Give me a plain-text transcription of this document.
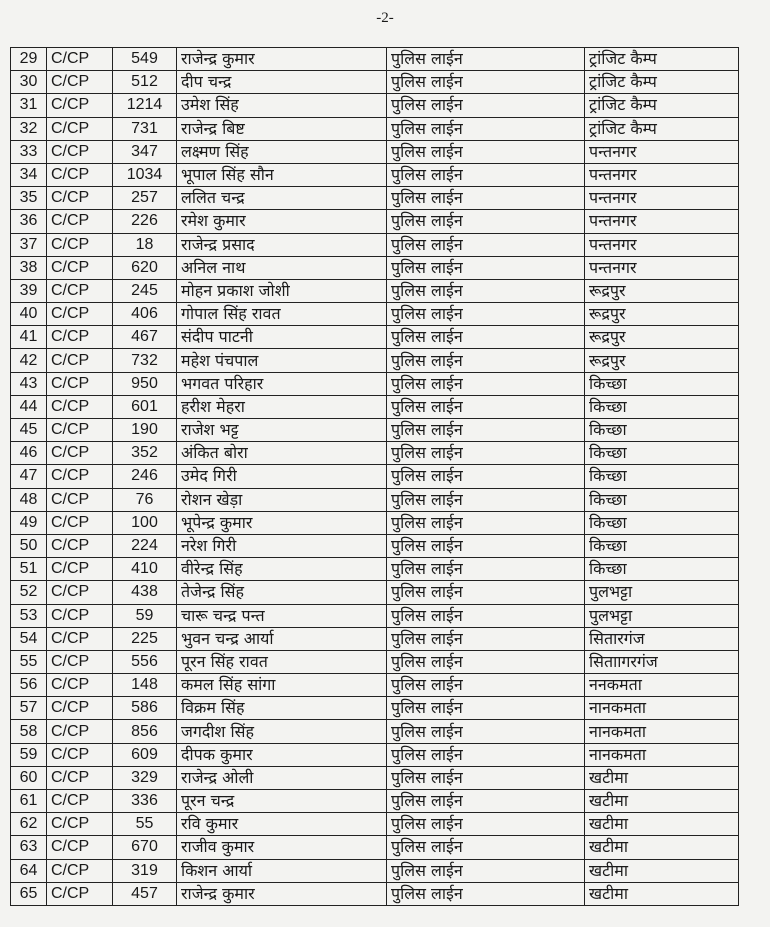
-2-
29	C/CP	549	राजेन्द्र कुमार	पुलिस लाईन	ट्रांजिट कैम्प
30	C/CP	512	दीप चन्द्र	पुलिस लाईन	ट्रांजिट कैम्प
31	C/CP	1214	उमेश सिंह	पुलिस लाईन	ट्रांजिट कैम्प
32	C/CP	731	राजेन्द्र बिष्ट	पुलिस लाईन	ट्रांजिट कैम्प
33	C/CP	347	लक्ष्मण सिंह	पुलिस लाईन	पन्तनगर
34	C/CP	1034	भूपाल सिंह सौन	पुलिस लाईन	पन्तनगर
35	C/CP	257	ललित चन्द्र	पुलिस लाईन	पन्तनगर
36	C/CP	226	रमेश कुमार	पुलिस लाईन	पन्तनगर
37	C/CP	18	राजेन्द्र प्रसाद	पुलिस लाईन	पन्तनगर
38	C/CP	620	अनिल नाथ	पुलिस लाईन	पन्तनगर
39	C/CP	245	मोहन प्रकाश जोशी	पुलिस लाईन	रूद्रपुर
40	C/CP	406	गोपाल सिंह रावत	पुलिस लाईन	रूद्रपुर
41	C/CP	467	संदीप पाटनी	पुलिस लाईन	रूद्रपुर
42	C/CP	732	महेश पंचपाल	पुलिस लाईन	रूद्रपुर
43	C/CP	950	भगवत परिहार	पुलिस लाईन	किच्छा
44	C/CP	601	हरीश मेहरा	पुलिस लाईन	किच्छा
45	C/CP	190	राजेश भट्ट	पुलिस लाईन	किच्छा
46	C/CP	352	अंकित बोरा	पुलिस लाईन	किच्छा
47	C/CP	246	उमेद गिरी	पुलिस लाईन	किच्छा
48	C/CP	76	रोशन खेड़ा	पुलिस लाईन	किच्छा
49	C/CP	100	भूपेन्द्र कुमार	पुलिस लाईन	किच्छा
50	C/CP	224	नरेश गिरी	पुलिस लाईन	किच्छा
51	C/CP	410	वीरेन्द्र सिंह	पुलिस लाईन	किच्छा
52	C/CP	438	तेजेन्द्र सिंह	पुलिस लाईन	पुलभट्टा
53	C/CP	59	चारू चन्द्र पन्त	पुलिस लाईन	पुलभट्टा
54	C/CP	225	भुवन चन्द्र आर्या	पुलिस लाईन	सितारगंज
55	C/CP	556	पूरन सिंह रावत	पुलिस लाईन	सिताागरगंज
56	C/CP	148	कमल सिंह सांगा	पुलिस लाईन	ननकमता
57	C/CP	586	विक्रम सिंह	पुलिस लाईन	नानकमता
58	C/CP	856	जगदीश सिंह	पुलिस लाईन	नानकमता
59	C/CP	609	दीपक कुमार	पुलिस लाईन	नानकमता
60	C/CP	329	राजेन्द्र ओली	पुलिस लाईन	खटीमा
61	C/CP	336	पूरन चन्द्र	पुलिस लाईन	खटीमा
62	C/CP	55	रवि कुमार	पुलिस लाईन	खटीमा
63	C/CP	670	राजीव कुमार	पुलिस लाईन	खटीमा
64	C/CP	319	किशन आर्या	पुलिस लाईन	खटीमा
65	C/CP	457	राजेन्द्र कुमार	पुलिस लाईन	खटीमा
